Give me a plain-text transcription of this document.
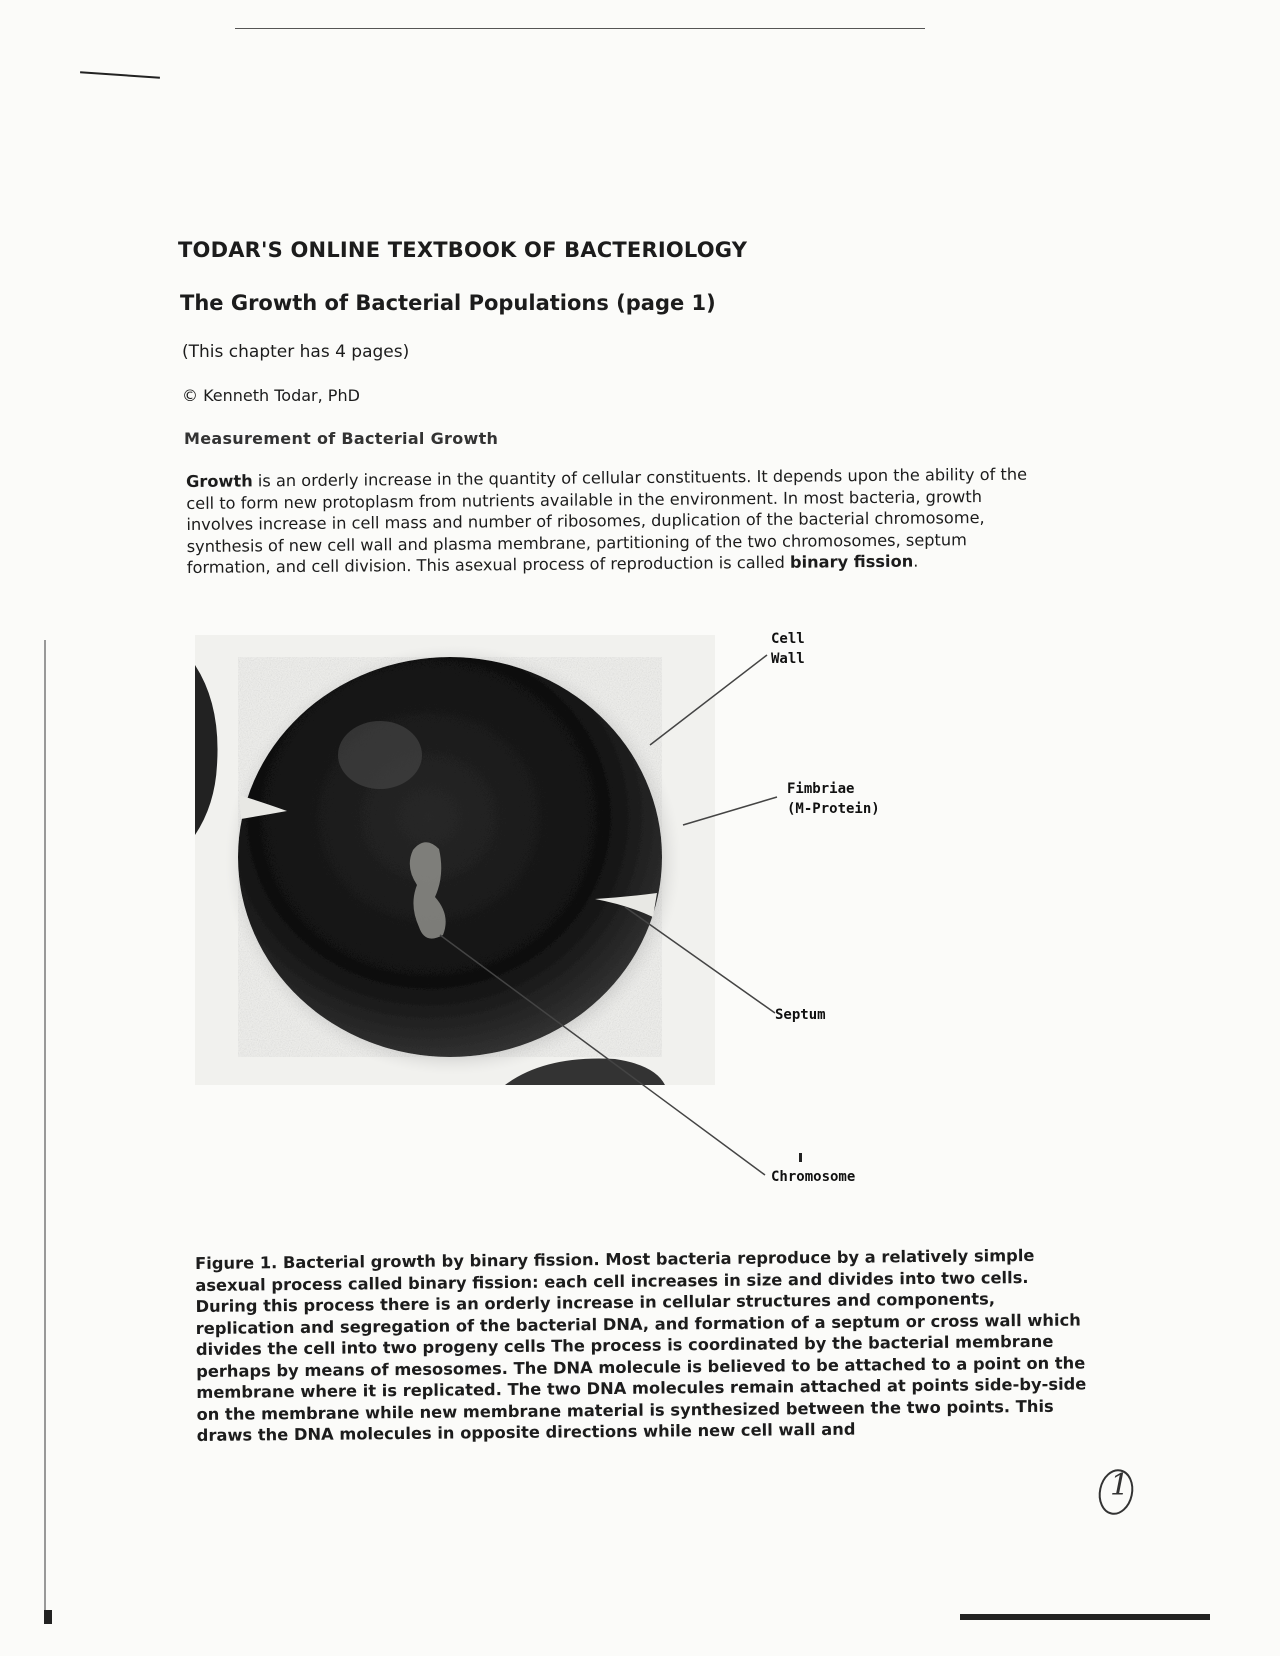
TODAR'S ONLINE TEXTBOOK OF BACTERIOLOGY
The Growth of Bacterial Populations (page 1)

(This chapter has 4 pages)

© Kenneth Todar, PhD

Measurement of Bacterial Growth

Growth is an orderly increase in the quantity of cellular constituents. It depends upon the ability of the cell to form new protoplasm from nutrients available in the environment. In most bacteria, growth involves increase in cell mass and number of ribosomes, duplication of the bacterial chromosome, synthesis of new cell wall and plasma membrane, partitioning of the two chromosomes, septum formation, and cell division. This asexual process of reproduction is called binary fission.

Cell
Wall
Fimbriae
(M-Protein)
Septum
Chromosome

Figure 1. Bacterial growth by binary fission. Most bacteria reproduce by a relatively simple asexual process called binary fission: each cell increases in size and divides into two cells. During this process there is an orderly increase in cellular structures and components, replication and segregation of the bacterial DNA, and formation of a septum or cross wall which divides the cell into two progeny cells The process is coordinated by the bacterial membrane perhaps by means of mesosomes. The DNA molecule is believed to be attached to a point on the membrane where it is replicated. The two DNA molecules remain attached at points side-by-side on the membrane while new membrane material is synthesized between the two points. This draws the DNA molecules in opposite directions while new cell wall and

1
